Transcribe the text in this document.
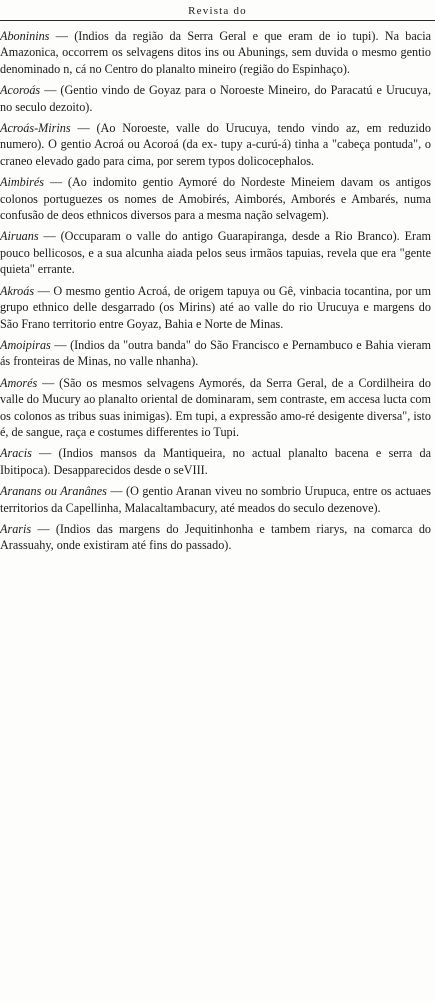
Revista do

Aboninins — (Indios da região da Serra Geral e que eram de io tupi). Na bacia Amazonica, occorrem os selvagens ditos ins ou Abunings, sem duvida o mesmo gentio denominado n, cá no Centro do planalto mineiro (região do Espinhaço).

Acoroás — (Gentio vindo de Goyaz para o Noroeste Mineiro, do Paracatú e Urucuya, no seculo dezoito).

Acroás-Mirins — (Ao Noroeste, valle do Urucuya, tendo vindo az, em reduzido numero). O gentio Acroá ou Acoroá (da ex- tupy a-curú-á) tinha a "cabeça pontuda", o craneo elevado gado para cima, por serem typos dolicocephalos.

Aimbirés — (Ao indomito gentio Aymoré do Nordeste Mineiem davam os antigos colonos portuguezes os nomes de Amobirés, Aimborés, Amborés e Ambarés, numa confusão de deos ethnicos diversos para a mesma nação selvagem).

Airuans — (Occuparam o valle do antigo Guarapiranga, desde a Rio Branco). Eram pouco bellicosos, e a sua alcunha aiada pelos seus irmãos tapuias, revela que era "gente quieta" errante.

Akroás — O mesmo gentio Acroá, de origem tapuya ou Gê, vinbacia tocantina, por um grupo ethnico delle desgarrado (os Mirins) até ao valle do rio Urucuya e margens do São Franо territorio entre Goyaz, Bahia e Norte de Minas.

Amoipiras — (Indios da "outra banda" do São Francisco e Pernambuco e Bahia vieram ás fronteiras de Minas, no valle nhanha).

Amorés — (São os mesmos selvagens Aymorés, da Serra Geral, de a Cordilheira do valle do Mucury ao planalto oriental de dominaram, sem contraste, em accesa lucta com os colonos as tribus suas inimigas). Em tupi, a expressão amo-ré desigente diversa", isto é, de sangue, raça e costumes differentes io Tupi.

Aracis — (Indios mansos da Mantiqueira, no actual planalto bacena e serra da Ibitipoca). Desapparecidos desde o seVIII.

Aranans ou Aranânes — (O gentio Aranan viveu no sombrio Urupuca, entre os actuaes territorios da Capellinha, Malacaltambacury, até meados do seculo dezenove).

Araris — (Indios das margens do Jequitinhonha e tambem riarys, na comarca do Arassuahy, onde existiram até fins do passado).
